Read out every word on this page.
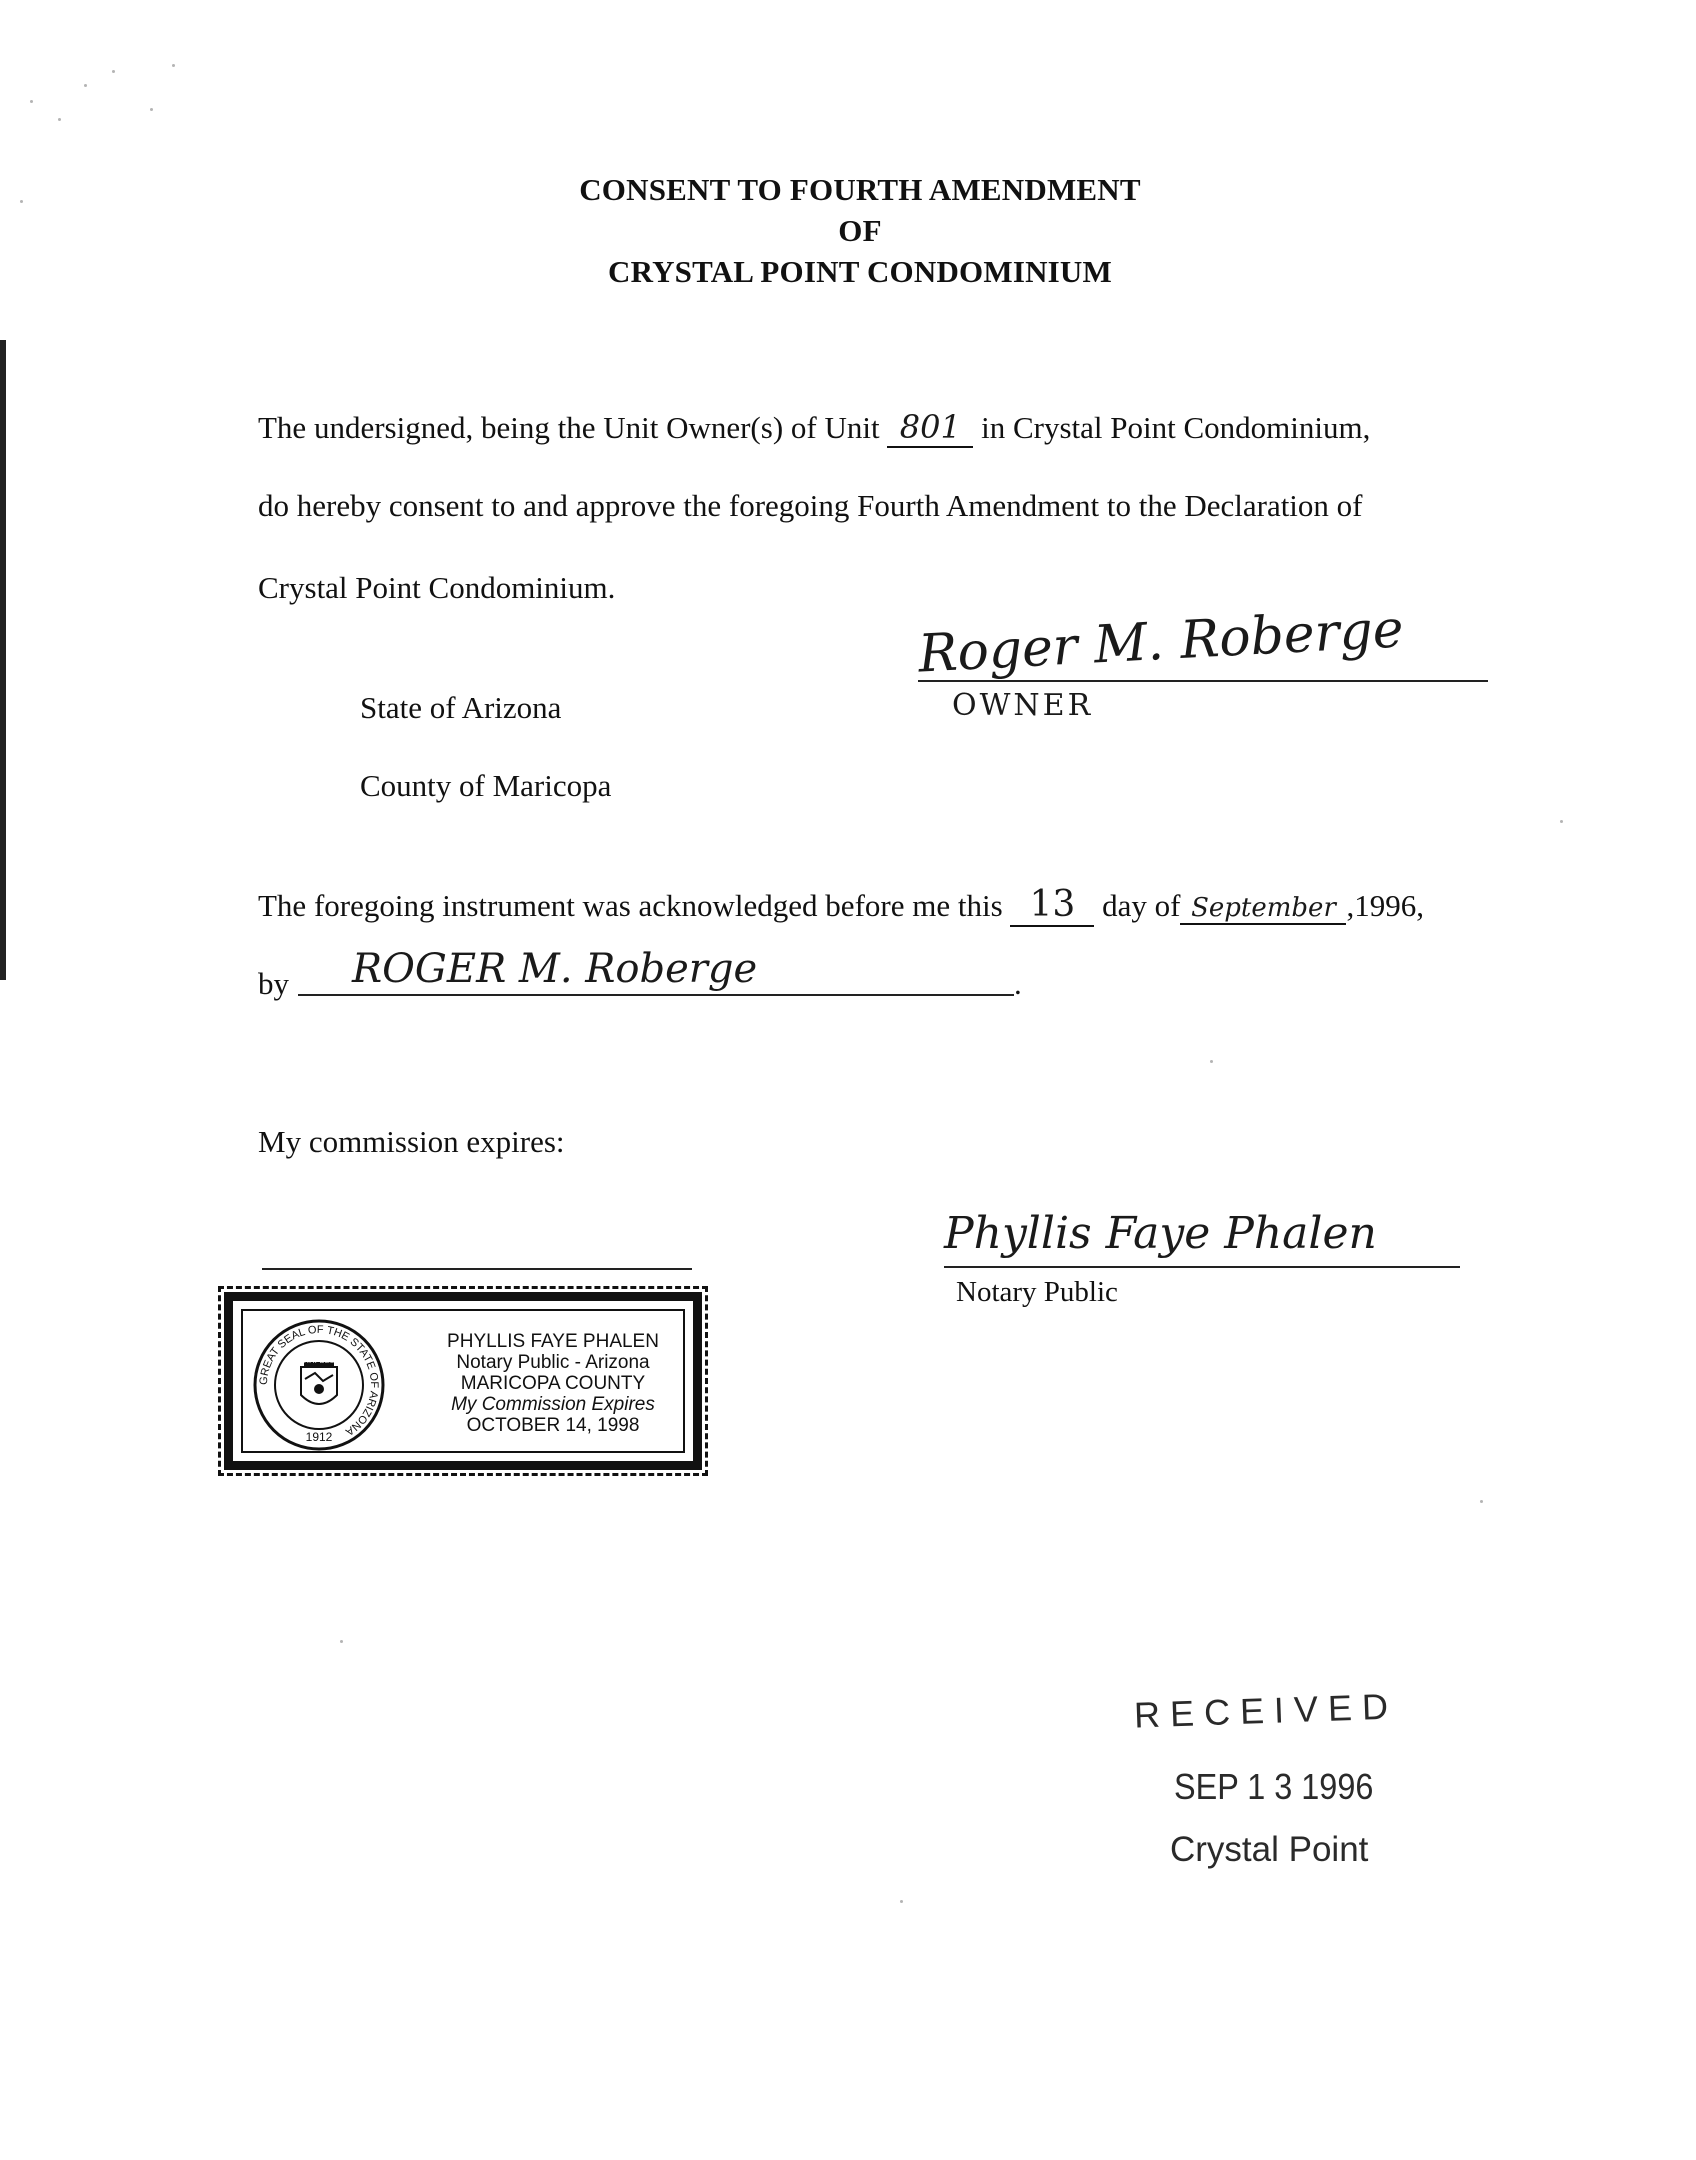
CONSENT TO FOURTH AMENDMENT
OF
CRYSTAL POINT CONDOMINIUM
The undersigned, being the Unit Owner(s) of Unit 801 in Crystal Point Condominium,
do hereby consent to and approve the foregoing Fourth Amendment to the Declaration of
Crystal Point Condominium.
Roger M. Roberge
OWNER
State of Arizona
County of Maricopa
The foregoing instrument was acknowledged before me this 13 day of September ,1996,
by ROGER M. Roberge	.
My commission expires:
Phyllis Faye Phalen
Notary Public
GREAT SEAL OF THE STATE OF ARIZONA
1912
DITAT DEUS
PHYLLIS FAYE PHALEN
Notary Public - Arizona
MARICOPA COUNTY
My Commission Expires
OCTOBER 14, 1998
RECEIVED
SEP 1 3 1996
Crystal Point
